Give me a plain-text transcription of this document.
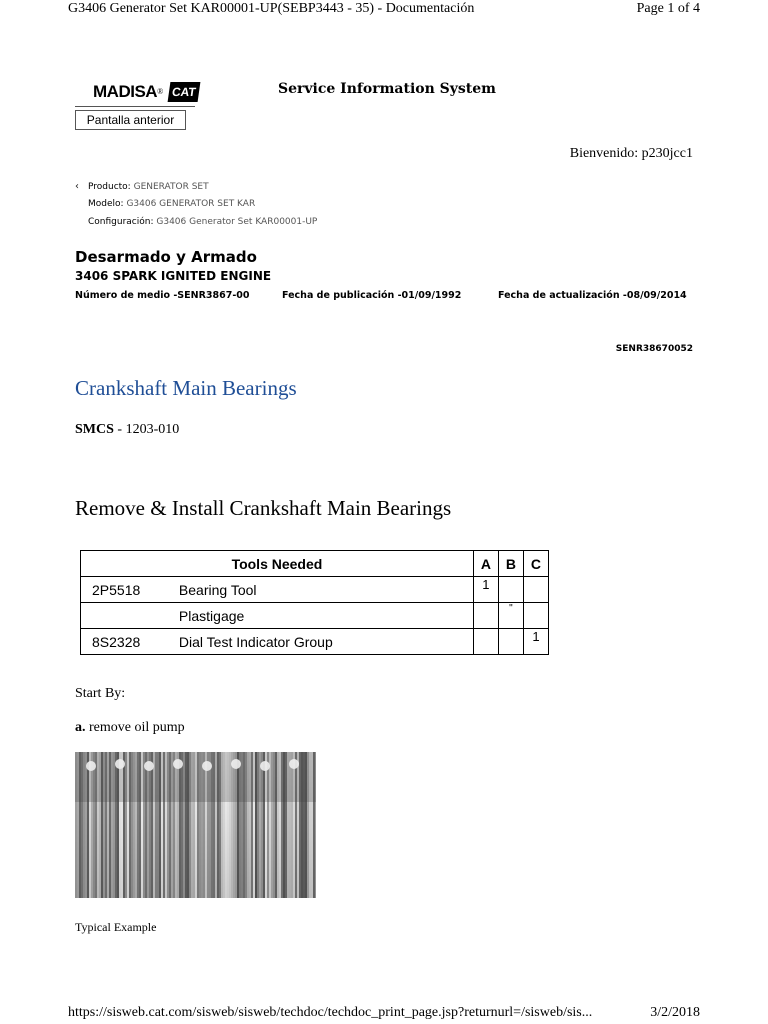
G3406 Generator Set KAR00001-UP(SEBP3443 - 35) - Documentación	Page 1 of 4
MADISA ® CAT	Service Information System
Pantalla anterior
Bienvenido: p230jcc1
‹ Producto: GENERATOR SET
Modelo: G3406 GENERATOR SET KAR
Configuración: G3406 Generator Set KAR00001-UP
Desarmado y Armado
3406 SPARK IGNITED ENGINE
Número de medio -SENR3867-00	Fecha de publicación -01/09/1992	Fecha de actualización -08/09/2014
SENR38670052
Crankshaft Main Bearings
SMCS - 1203-010
Remove & Install Crankshaft Main Bearings
Tools Needed		A	B	C
2P5518	Bearing Tool	1		
	Plastigage		"	
8S2328	Dial Test Indicator Group			1
Start By:
a. remove oil pump
Typical Example
https://sisweb.cat.com/sisweb/sisweb/techdoc/techdoc_print_page.jsp?returnurl=/sisweb/sis...	3/2/2018
